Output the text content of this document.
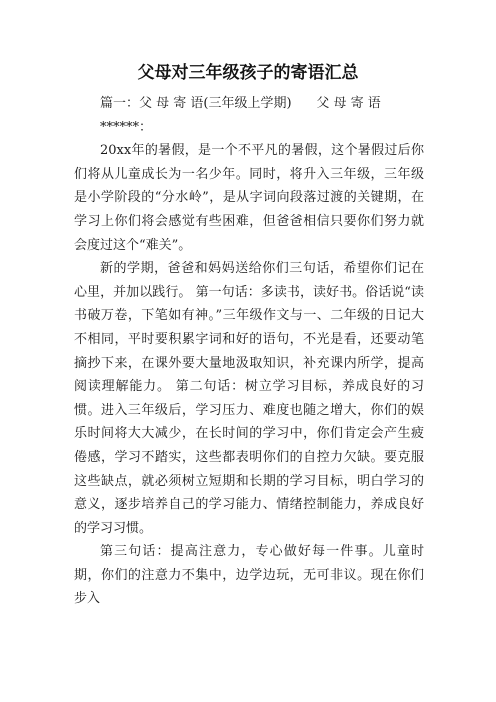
父母对三年级孩子的寄语汇总

篇一：父 母 寄 语(三年级上学期)      父 母 寄 语

******：

20xx年的暑假，是一个不平凡的暑假，这个暑假过后你们将从儿童成长为一名少年。同时，将升入三年级，三年级是小学阶段的“分水岭”，是从字词向段落过渡的关键期，在学习上你们将会感觉有些困难，但爸爸相信只要你们努力就会度过这个“难关”。

新的学期，爸爸和妈妈送给你们三句话，希望你们记在心里，并加以践行。 第一句话：多读书，读好书。俗话说“读书破万卷，下笔如有神。”三年级作文与一、二年级的日记大不相同，平时要积累字词和好的语句，不光是看，还要动笔摘抄下来，在课外要大量地汲取知识，补充课内所学，提高阅读理解能力。 第二句话：树立学习目标，养成良好的习惯。进入三年级后，学习压力、难度也随之增大，你们的娱乐时间将大大减少，在长时间的学习中，你们肯定会产生疲倦感，学习不踏实，这些都表明你们的自控力欠缺。要克服这些缺点，就必须树立短期和长期的学习目标，明白学习的意义，逐步培养自己的学习能力、情绪控制能力，养成良好的学习习惯。

第三句话：提高注意力，专心做好每一件事。儿童时期，你们的注意力不集中，边学边玩，无可非议。现在你们步入
